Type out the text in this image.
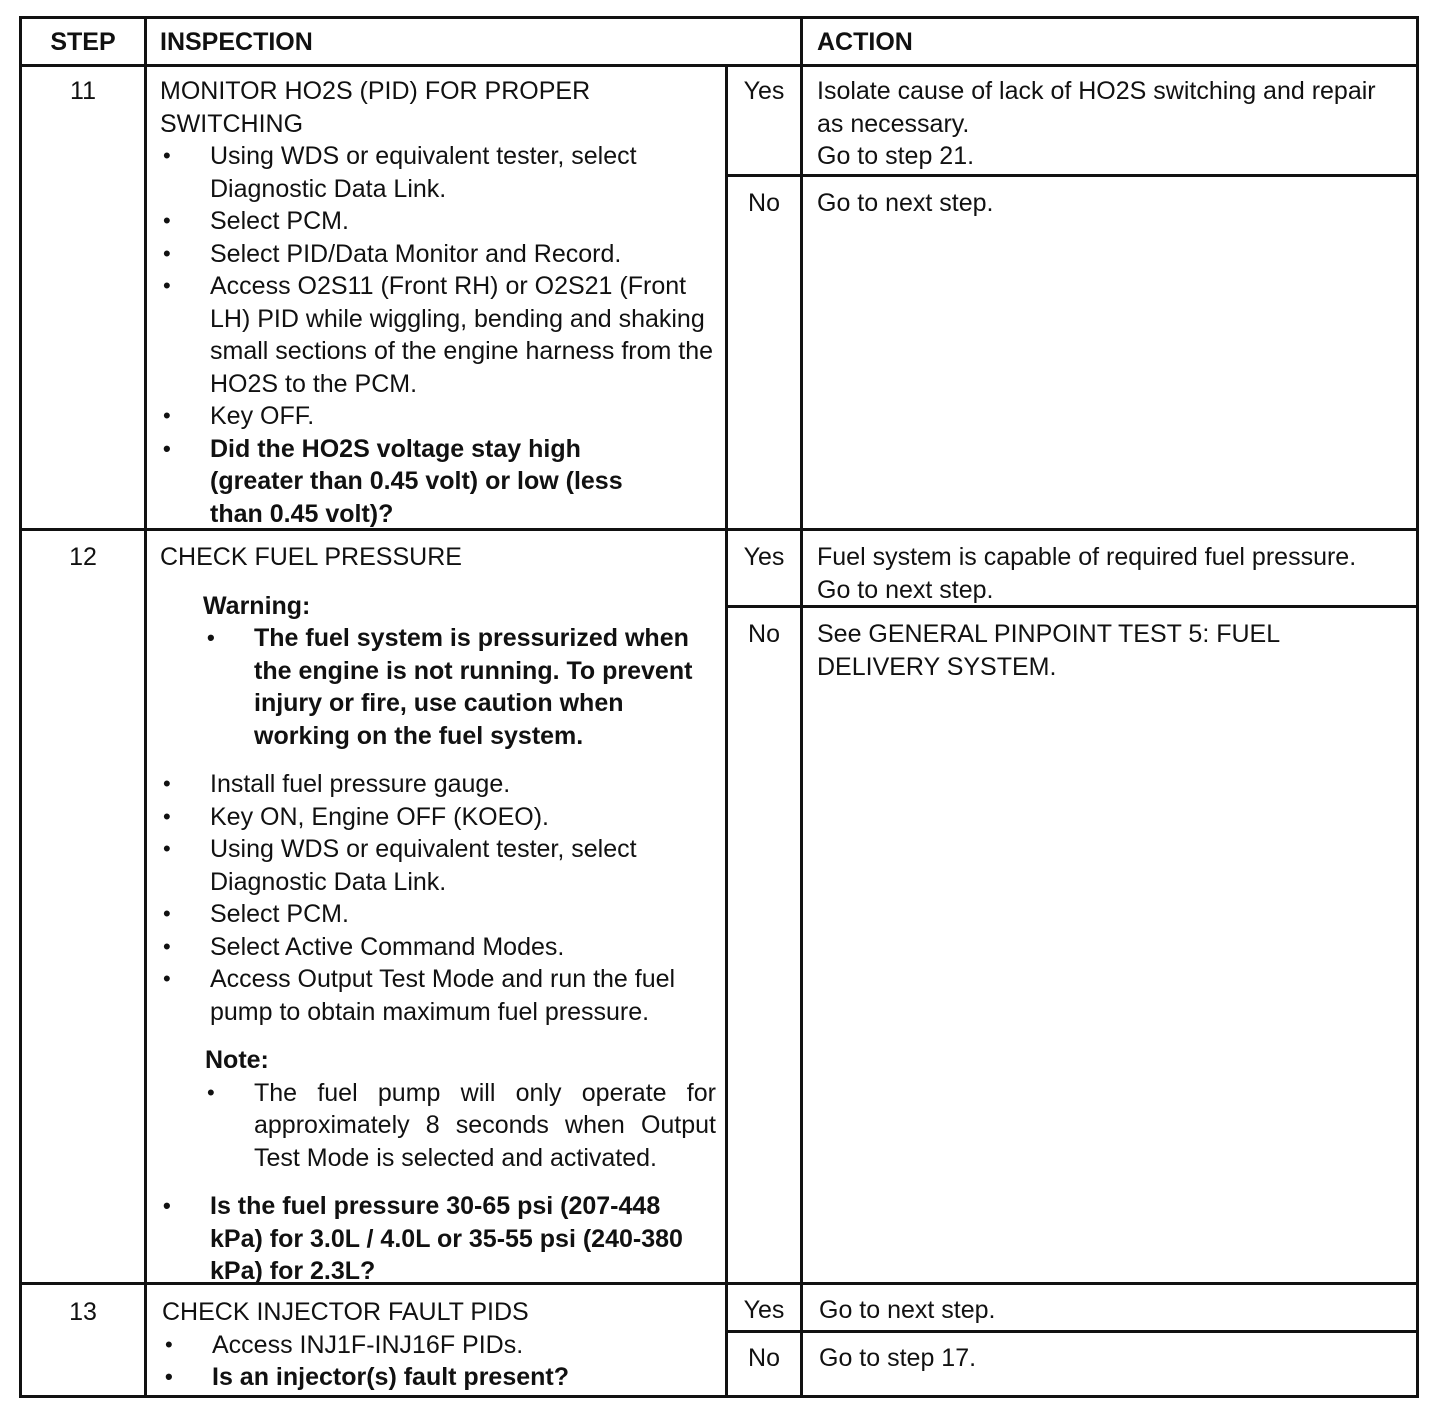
STEP	INSPECTION	ACTION
11	MONITOR HO2S (PID) FOR PROPER SWITCHING
• Using WDS or equivalent tester, select Diagnostic Data Link.
• Select PCM.
• Select PID/Data Monitor and Record.
• Access O2S11 (Front RH) or O2S21 (Front LH) PID while wiggling, bending and shaking small sections of the engine harness from the HO2S to the PCM.
• Key OFF.
• Did the HO2S voltage stay high (greater than 0.45 volt) or low (less than 0.45 volt)?
Yes	Isolate cause of lack of HO2S switching and repair as necessary.
Go to step 21.
No	Go to next step.
12	CHECK FUEL PRESSURE
Warning:
• The fuel system is pressurized when the engine is not running. To prevent injury or fire, use caution when working on the fuel system.
• Install fuel pressure gauge.
• Key ON, Engine OFF (KOEO).
• Using WDS or equivalent tester, select Diagnostic Data Link.
• Select PCM.
• Select Active Command Modes.
• Access Output Test Mode and run the fuel pump to obtain maximum fuel pressure.
Note:
• The fuel pump will only operate for approximately 8 seconds when Output Test Mode is selected and activated.
• Is the fuel pressure 30-65 psi (207-448 kPa) for 3.0L / 4.0L or 35-55 psi (240-380 kPa) for 2.3L?
Yes	Fuel system is capable of required fuel pressure.
Go to next step.
No	See GENERAL PINPOINT TEST 5: FUEL DELIVERY SYSTEM.
13	CHECK INJECTOR FAULT PIDS
• Access INJ1F-INJ16F PIDs.
• Is an injector(s) fault present?
Yes	Go to next step.
No	Go to step 17.
